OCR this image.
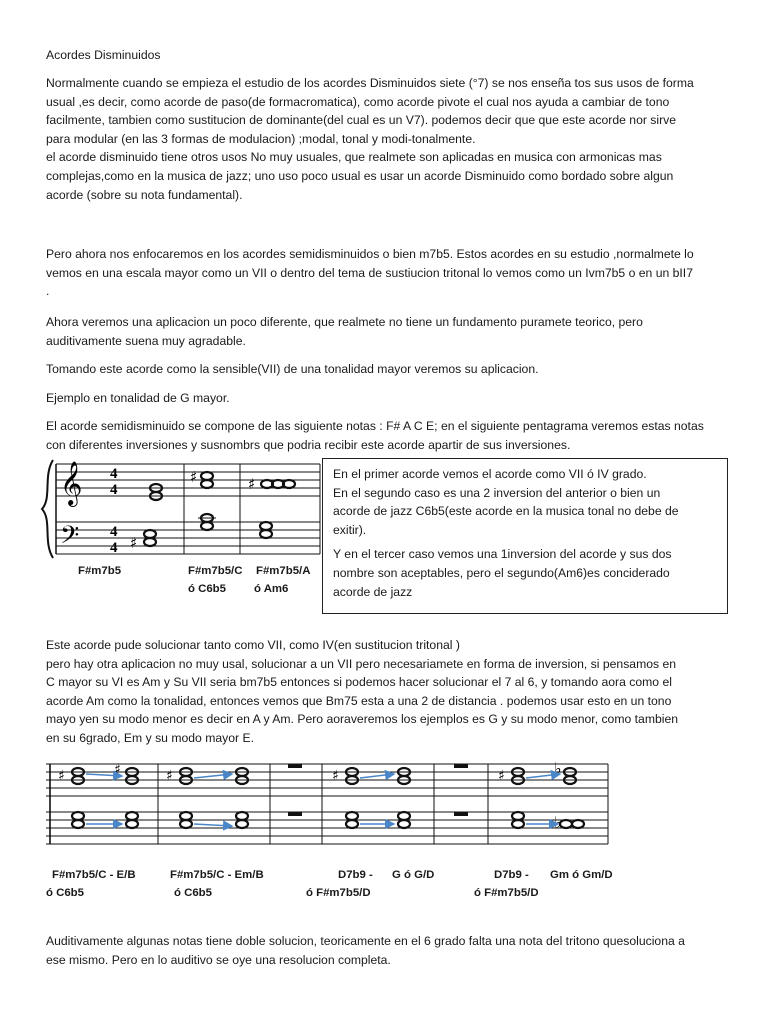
Acordes Disminuidos
Normalmente cuando se empieza el estudio de los acordes Disminuidos siete (°7) se nos enseña tos sus usos de forma
usual ,es decir, como acorde de paso(de formacromatica), como acorde pivote el cual nos ayuda a cambiar de tono
facilmente, tambien como sustitucion de dominante(del cual es un V7). podemos decir que que este acorde nor sirve
para modular (en las 3 formas de modulacion) ;modal, tonal y modi-tonalmente.
el acorde disminuido tiene otros usos No muy usuales, que realmete son aplicadas en musica con armonicas mas
complejas,como en la musica de jazz; uno uso poco usual es usar un acorde Disminuido como bordado sobre algun
acorde (sobre su nota fundamental).
Pero ahora nos enfocaremos en los acordes semidisminuidos o bien m7b5. Estos acordes en su estudio ,normalmete lo
vemos en una escala mayor como un VII o dentro del tema de sustiucion tritonal lo vemos como un Ivm7b5 o en un bII7
.
Ahora veremos una aplicacion un poco diferente, que realmete no tiene un fundamento puramete teorico, pero
auditivamente suena muy agradable.
Tomando este acorde como la sensible(VII) de una tonalidad mayor veremos su aplicacion.
Ejemplo en tonalidad de G mayor.
El acorde semidisminuido se compone de las siguiente notas : F# A C E; en el siguiente pentagrama veremos estas notas
con diferentes inversiones y susnombrs que podria recibir este acorde apartir de sus inversiones.
𝄞
𝄢
4
4
4
4 ♯
♯	♯
F#m7b5	F#m7b5/C F#m7b5/A
ó C6b5 ó Am6
En el primer acorde vemos el acorde como VII ó IV grado.
En el segundo caso es una 2 inversion del anterior o bien un
acorde de jazz C6b5(este acorde en la musica tonal no debe de
exitir).
Y en el tercer caso vemos una 1inversion del acorde y sus dos
nombre son aceptables, pero el segundo(Am6)es conciderado
acorde de jazz
Este acorde pude solucionar tanto como VII, como IV(en sustitucion tritonal )
pero hay otra aplicacion no muy usal, solucionar a un VII pero necesariamete en forma de inversion, si pensamos en
C mayor su VI es Am y Su VII seria bm7b5 entonces si podemos hacer solucionar el 7 al 6, y tomando aora como el
acorde Am como la tonalidad, entonces vemos que Bm75 esta a una 2 de distancia . podemos usar esto en un tono
mayo yen su modo menor es decir en A y Am. Pero aoraveremos los ejemplos es G y su modo menor, como tambien
en su 6grado, Em y su modo mayor E.
♯	♯	♯	♯	♯	♭
♭
F#m7b5/C - E/B	F#m7b5/C - Em/B	D7b9 - G ó G/D	D7b9 - Gm ó Gm/D
ó C6b5	ó C6b5	ó F#m7b5/D	ó F#m7b5/D
Auditivamente algunas notas tiene doble solucion, teoricamente en el 6 grado falta una nota del tritono quesoluciona a
ese mismo. Pero en lo auditivo se oye una resolucion completa.
